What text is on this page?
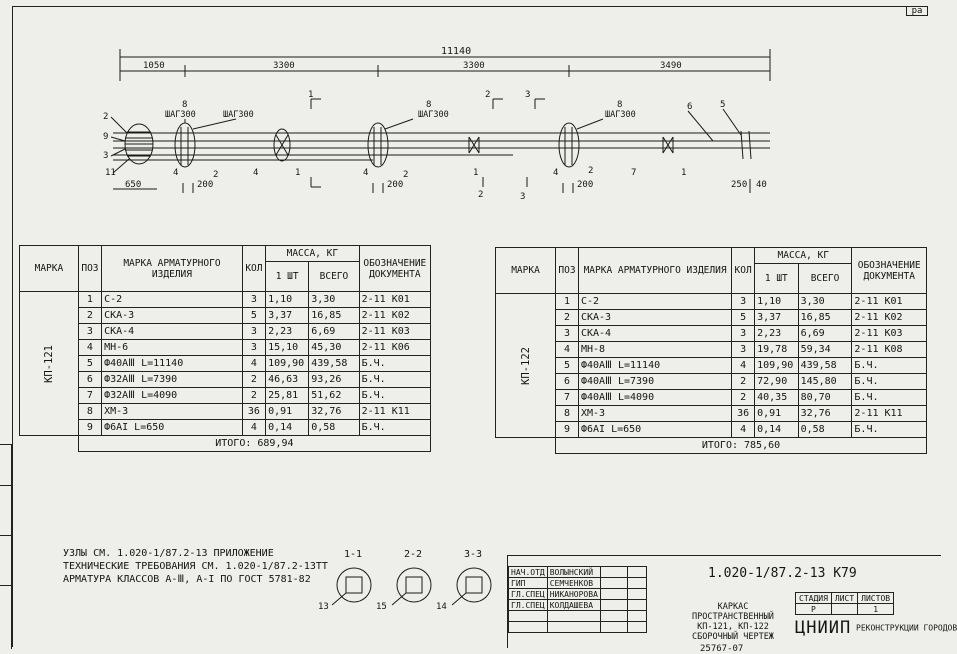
ра
11140
1050	3300	3300	3490
2
9
3
11
8
ШАГ300	ШАГ300
8
ШАГ300
8
ШАГ300
6	5
1	2
2
3
3
4	2	4	1	4	2	1	4	2	7	1
650	200	200	200	250 40
МАРКА	ПОЗ	МАРКА АРМАТУРНОГО ИЗДЕЛИЯ	КОЛ	МАССА, КГ		ОБОЗНАЧЕНИЕ ДОКУМЕНТА
				1 ШТ	ВСЕГО	
КП-121	1	С-2	3	1,10	3,30	2-11 К01
	2	СКА-3	5	3,37	16,85	2-11 К02
	3	СКА-4	3	2,23	6,69	2-11 К03
	4	МН-6	3	15,10	45,30	2-11 К06
	5	Ф40АⅢ L=11140	4	109,90	439,58	Б.Ч.
	6	Ф32АⅢ L=7390	2	46,63	93,26	Б.Ч.
	7	Ф32АⅢ L=4090	2	25,81	51,62	Б.Ч.
	8	ХМ-3	36	0,91	32,76	2-11 К11
	9	Ф6АI L=650	4	0,14	0,58	Б.Ч.
	ИТОГО: 689,94					
МАРКА	ПОЗ	МАРКА АРМАТУРНОГО ИЗДЕЛИЯ	КОЛ	МАССА, КГ		ОБОЗНАЧЕНИЕ ДОКУМЕНТА
				1 ШТ	ВСЕГО	
КП-122	1	С-2	3	1,10	3,30	2-11 К01
	2	СКА-3	5	3,37	16,85	2-11 К02
	3	СКА-4	3	2,23	6,69	2-11 К03
	4	МН-8	3	19,78	59,34	2-11 К08
	5	Ф40АⅢ L=11140	4	109,90	439,58	Б.Ч.
	6	Ф40АⅢ L=7390	2	72,90	145,80	Б.Ч.
	7	Ф40АⅢ L=4090	2	40,35	80,70	Б.Ч.
	8	ХМ-3	36	0,91	32,76	2-11 К11
	9	Ф6АI L=650	4	0,14	0,58	Б.Ч.
	ИТОГО: 785,60					
УЗЛЫ СМ. 1.020-1/87.2-13 ПРИЛОЖЕНИЕ
ТЕХНИЧЕСКИЕ ТРЕБОВАНИЯ СМ. 1.020-1/87.2-13ТТ
АРМАТУРА КЛАССОВ А-Ⅲ, А-I ПО ГОСТ 5781-82
1-1
13
2-2
15
3-3
14
НАЧ.ОТД	ВОЛЫНСКИЙ		
ГИП	СЕМЧЕНКОВ		
ГЛ.СПЕЦ	НИКАНОРОВА		
ГЛ.СПЕЦ	КОЛДАШЕВА		

1.020-1/87.2-13 К79
КАРКАС
ПРОСТРАНСТВЕННЫЙ
КП-121, КП-122
СБОРОЧНЫЙ ЧЕРТЕЖ
СТАДИЯ	ЛИСТ	ЛИСТОВ
Р		1
ЦНИИП РЕКОНСТРУКЦИИ ГОРОДОВ
25767-07
